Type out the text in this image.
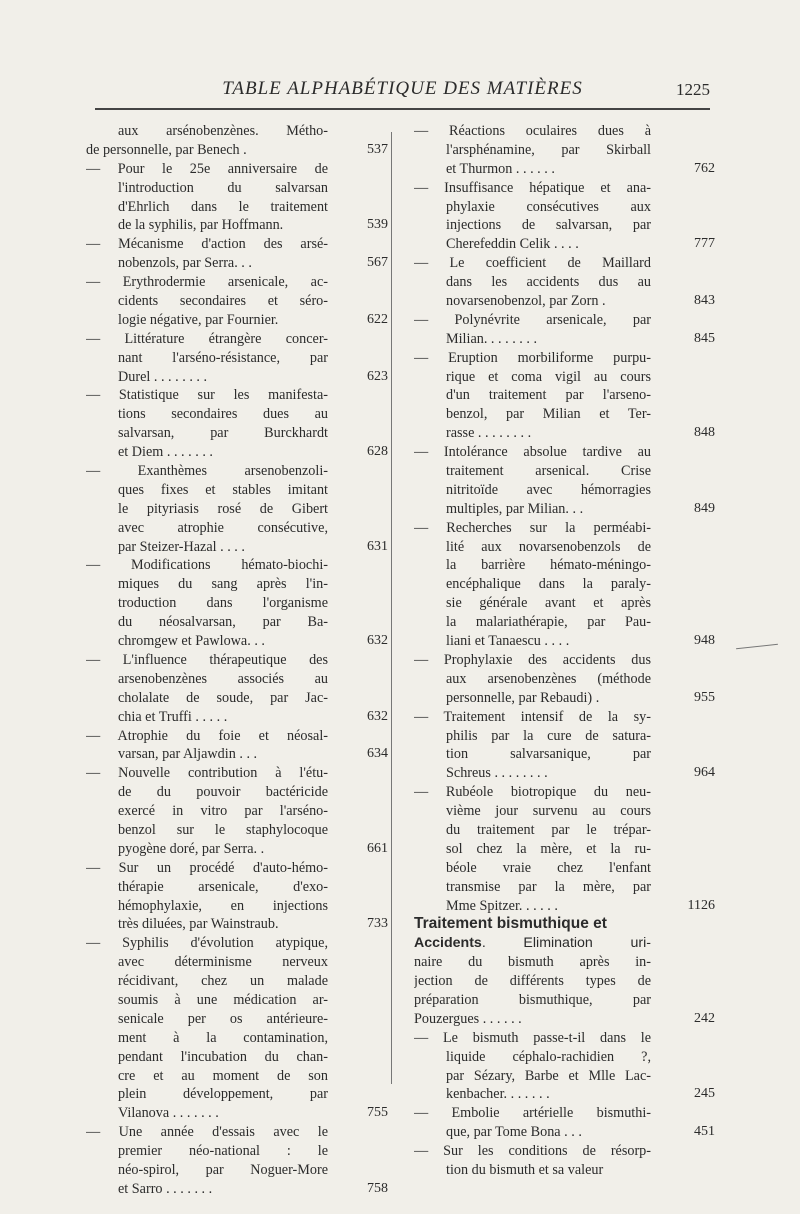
TABLE ALPHABÉTIQUE DES MATIÈRES	1225
aux arsénobenzènes. Métho-
de personnelle, par Benech .	537
— Pour le 25e anniversaire de
l'introduction du salvarsan
d'Ehrlich dans le traitement
de la syphilis, par Hoffmann.	539
— Mécanisme d'action des arsé-
nobenzols, par Serra. . .	567
— Erythrodermie arsenicale, ac-
cidents secondaires et séro-
logie négative, par Fournier.	622
— Littérature étrangère concer-
nant l'arséno-résistance, par
Durel . . . . . . . .	623
— Statistique sur les manifesta-
tions secondaires dues au
salvarsan, par Burckhardt
et Diem . . . . . . .	628
— Exanthèmes arsenobenzoli-
ques fixes et stables imitant
le pityriasis rosé de Gibert
avec atrophie consécutive,
par Steizer-Hazal . . . .	631
— Modifications hémato-biochi-
miques du sang après l'in-
troduction dans l'organisme
du néosalvarsan, par Ba-
chromgew et Pawlowa. . .	632
— L'influence thérapeutique des
arsenobenzènes associés au
cholalate de soude, par Jac-
chia et Truffi . . . . .	632
— Atrophie du foie et néosal-
varsan, par Aljawdin . . .	634
— Nouvelle contribution à l'étu-
de du pouvoir bactéricide
exercé in vitro par l'arséno-
benzol sur le staphylocoque
pyogène doré, par Serra. .	661
— Sur un procédé d'auto-hémo-
thérapie arsenicale, d'exo-
hémophylaxie, en injections
très diluées, par Wainstraub.	733
— Syphilis d'évolution atypique,
avec déterminisme nerveux
récidivant, chez un malade
soumis à une médication ar-
senicale per os antérieure-
ment à la contamination,
pendant l'incubation du chan-
cre et au moment de son
plein développement, par
Vilanova . . . . . . .	755
— Une année d'essais avec le
premier néo-national : le
néo-spirol, par Noguer-More
et Sarro . . . . . . .	758
— Réactions oculaires dues à
l'arsphénamine, par Skirball
et Thurmon . . . . . .	762
— Insuffisance hépatique et ana-
phylaxie consécutives aux
injections de salvarsan, par
Cherefeddin Celik . . . .	777
— Le coefficient de Maillard
dans les accidents dus au
novarsenobenzol, par Zorn .	843
— Polynévrite arsenicale, par
Milian. . . . . . . .	845
— Eruption morbiliforme purpu-
rique et coma vigil au cours
d'un traitement par l'arseno-
benzol, par Milian et Ter-
rasse . . . . . . . .	848
— Intolérance absolue tardive au
traitement arsenical. Crise
nitritoïde avec hémorragies
multiples, par Milian. . .	849
— Recherches sur la perméabi-
lité aux novarsenobenzols de
la barrière hémato-méningo-
encéphalique dans la paraly-
sie générale avant et après
la malariathérapie, par Pau-
liani et Tanaescu . . . .	948
— Prophylaxie des accidents dus
aux arsenobenzènes (méthode
personnelle, par Rebaudi) .	955
— Traitement intensif de la sy-
philis par la cure de satura-
tion salvarsanique, par
Schreus . . . . . . . .	964
— Rubéole biotropique du neu-
vième jour survenu au cours
du traitement par le trépar-
sol chez la mère, et la ru-
béole vraie chez l'enfant
transmise par la mère, par
Mme Spitzer. . . . . .	1126
Traitement bismuthique et
Accidents. Elimination uri-
naire du bismuth après in-
jection de différents types de
préparation bismuthique, par
Pouzergues . . . . . .	242
— Le bismuth passe-t-il dans le
liquide céphalo-rachidien ?,
par Sézary, Barbe et Mlle Lac-
kenbacher. . . . . . .	245
— Embolie artérielle bismuthi-
que, par Tome Bona . . .	451
— Sur les conditions de résorp-
tion du bismuth et sa valeur
